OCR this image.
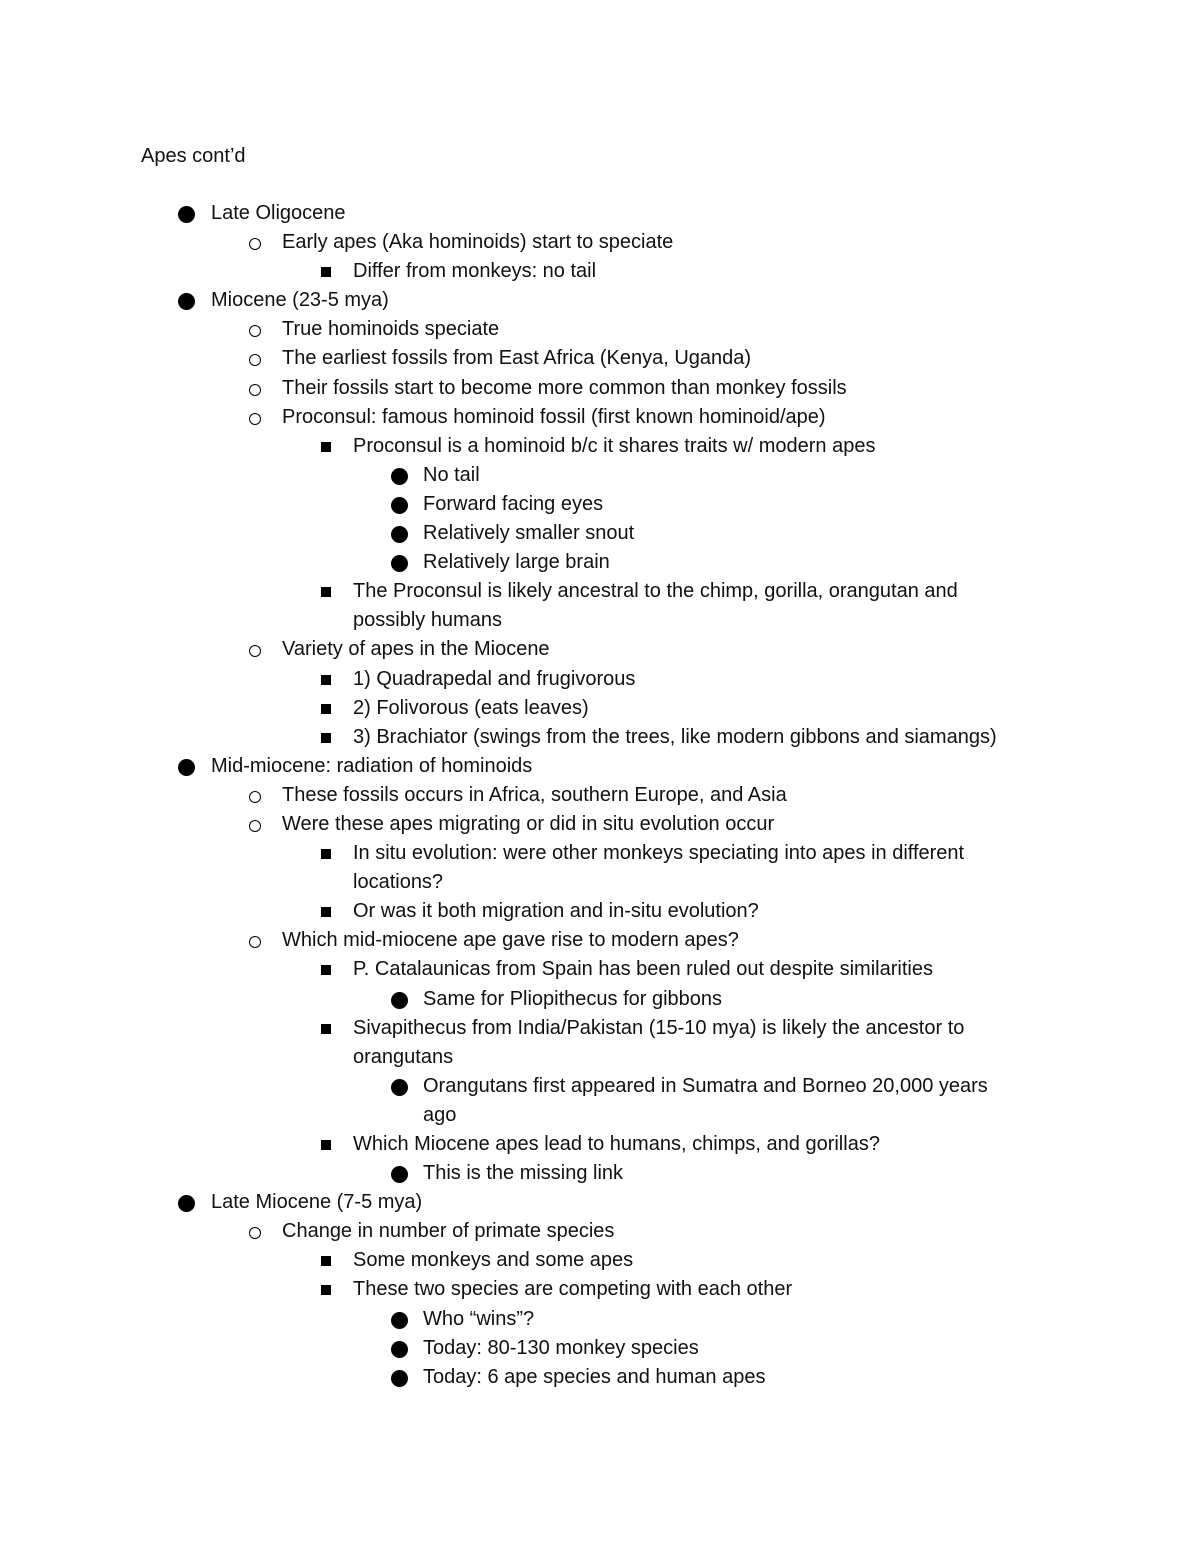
Apes cont’d
Late Oligocene
Early apes (Aka hominoids) start to speciate
Differ from monkeys: no tail
Miocene (23-5 mya)
True hominoids speciate
The earliest fossils from East Africa (Kenya, Uganda)
Their fossils start to become more common than monkey fossils
Proconsul: famous hominoid fossil (first known hominoid/ape)
Proconsul is a hominoid b/c it shares traits w/ modern apes
No tail
Forward facing eyes
Relatively smaller snout
Relatively large brain
The Proconsul is likely ancestral to the chimp, gorilla, orangutan and
possibly humans
Variety of apes in the Miocene
1) Quadrapedal and frugivorous
2) Folivorous (eats leaves)
3) Brachiator (swings from the trees, like modern gibbons and siamangs)
Mid-miocene: radiation of hominoids
These fossils occurs in Africa, southern Europe, and Asia
Were these apes migrating or did in situ evolution occur
In situ evolution: were other monkeys speciating into apes in different
locations?
Or was it both migration and in-situ evolution?
Which mid-miocene ape gave rise to modern apes?
P. Catalaunicas from Spain has been ruled out despite similarities
Same for Pliopithecus for gibbons
Sivapithecus from India/Pakistan (15-10 mya) is likely the ancestor to
orangutans
Orangutans first appeared in Sumatra and Borneo 20,000 years
ago
Which Miocene apes lead to humans, chimps, and gorillas?
This is the missing link
Late Miocene (7-5 mya)
Change in number of primate species
Some monkeys and some apes
These two species are competing with each other
Who “wins”?
Today: 80-130 monkey species
Today: 6 ape species and human apes
